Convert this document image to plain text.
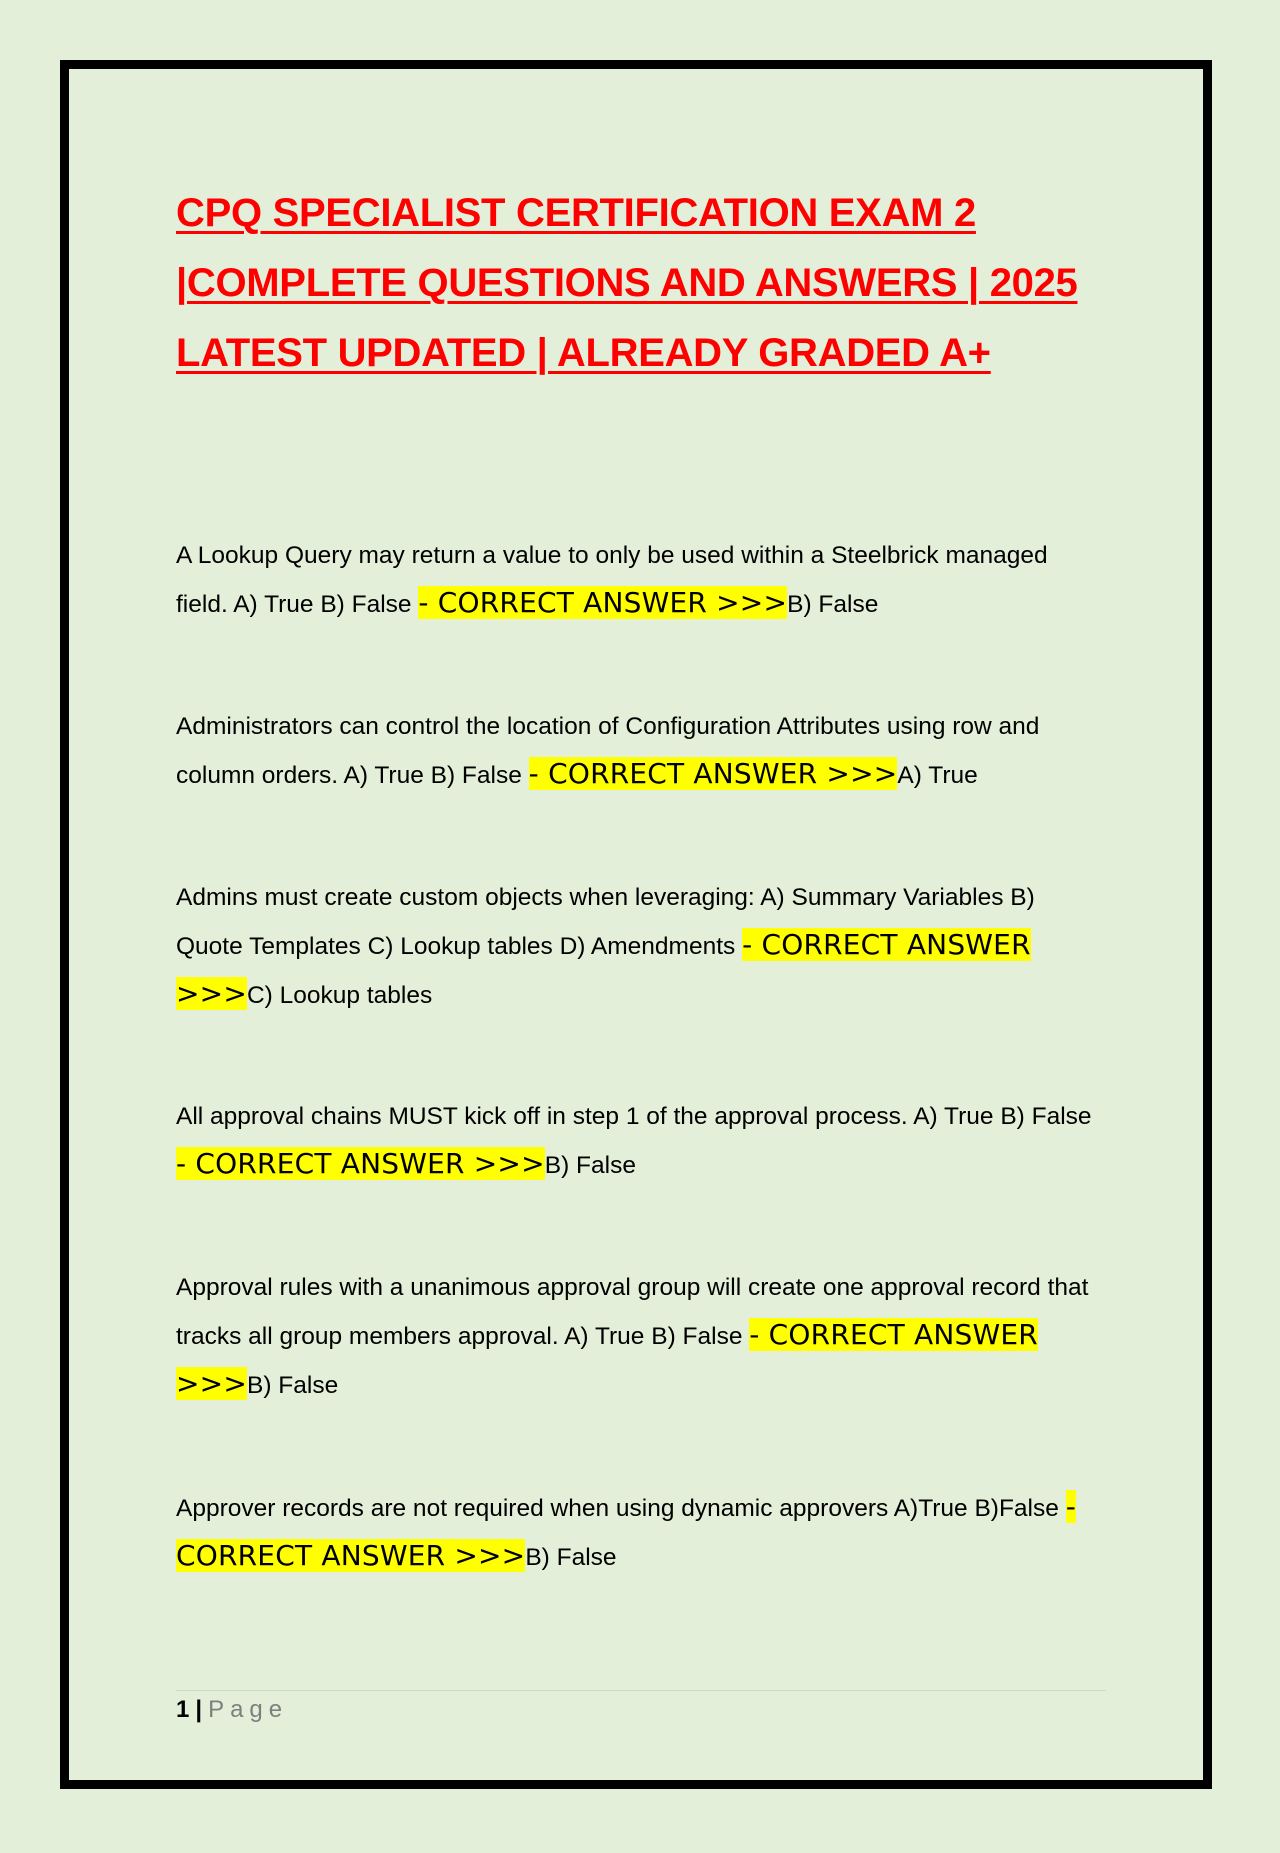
CPQ SPECIALIST CERTIFICATION EXAM 2 |COMPLETE QUESTIONS AND ANSWERS | 2025 LATEST UPDATED | ALREADY GRADED A+

A Lookup Query may return a value to only be used within a Steelbrick managed field. A) True B) False - CORRECT ANSWER >>>B) False

Administrators can control the location of Configuration Attributes using row and column orders. A) True B) False - CORRECT ANSWER >>>A) True

Admins must create custom objects when leveraging: A) Summary Variables B) Quote Templates C) Lookup tables D) Amendments - CORRECT ANSWER >>>C) Lookup tables

All approval chains MUST kick off in step 1 of the approval process. A) True B) False - CORRECT ANSWER >>>B) False

Approval rules with a unanimous approval group will create one approval record that tracks all group members approval. A) True B) False - CORRECT ANSWER >>>B) False

Approver records are not required when using dynamic approvers A)True B)False - CORRECT ANSWER >>>B) False

1 | Page
